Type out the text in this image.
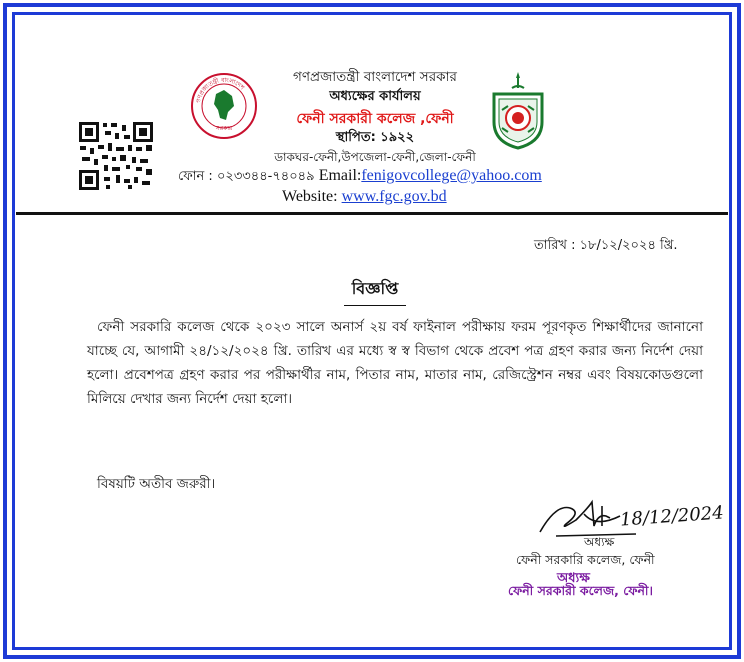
গণপ্রজাতন্ত্রী বাংলাদেশ
সরকার
গণপ্রজাতন্ত্রী বাংলাদেশ সরকার
অধ্যক্ষের কার্যালয়
ফেনী সরকারী কলেজ ,ফেনী
স্থাপিত: ১৯২২
ডাকঘর-ফেনী,উপজেলা-ফেনী,জেলা-ফেনী
ফোন : ০২৩৩৪৪-৭৪০৪৯ Email:fenigovcollege@yahoo.com
Website: www.fgc.gov.bd
তারিখ : ১৮/১২/২০২৪ খ্রি.
বিজ্ঞপ্তি
ফেনী সরকারি কলেজ থেকে ২০২৩ সালে অনার্স ২য় বর্ষ ফাইনাল পরীক্ষায় ফরম পূরণকৃত শিক্ষার্থীদের জানানো যাচ্ছে যে, আগামী ২৪/১২/২০২৪ খ্রি. তারিখ এর মধ্যে স্ব স্ব বিভাগ থেকে প্রবেশ পত্র গ্রহণ করার জন্য নির্দেশ দেয়া হলো। প্রবেশপত্র গ্রহণ করার পর পরীক্ষার্থীর নাম, পিতার নাম, মাতার নাম, রেজিস্ট্রেশন নম্বর এবং বিষয়কোডগুলো মিলিয়ে দেখার জন্য নির্দেশ দেয়া হলো।
বিষয়টি অতীব জরুরী।
18/12/2024
অধ্যক্ষ
ফেনী সরকারি কলেজ, ফেনী
অধ্যক্ষ
ফেনী সরকারী কলেজ, ফেনী।
